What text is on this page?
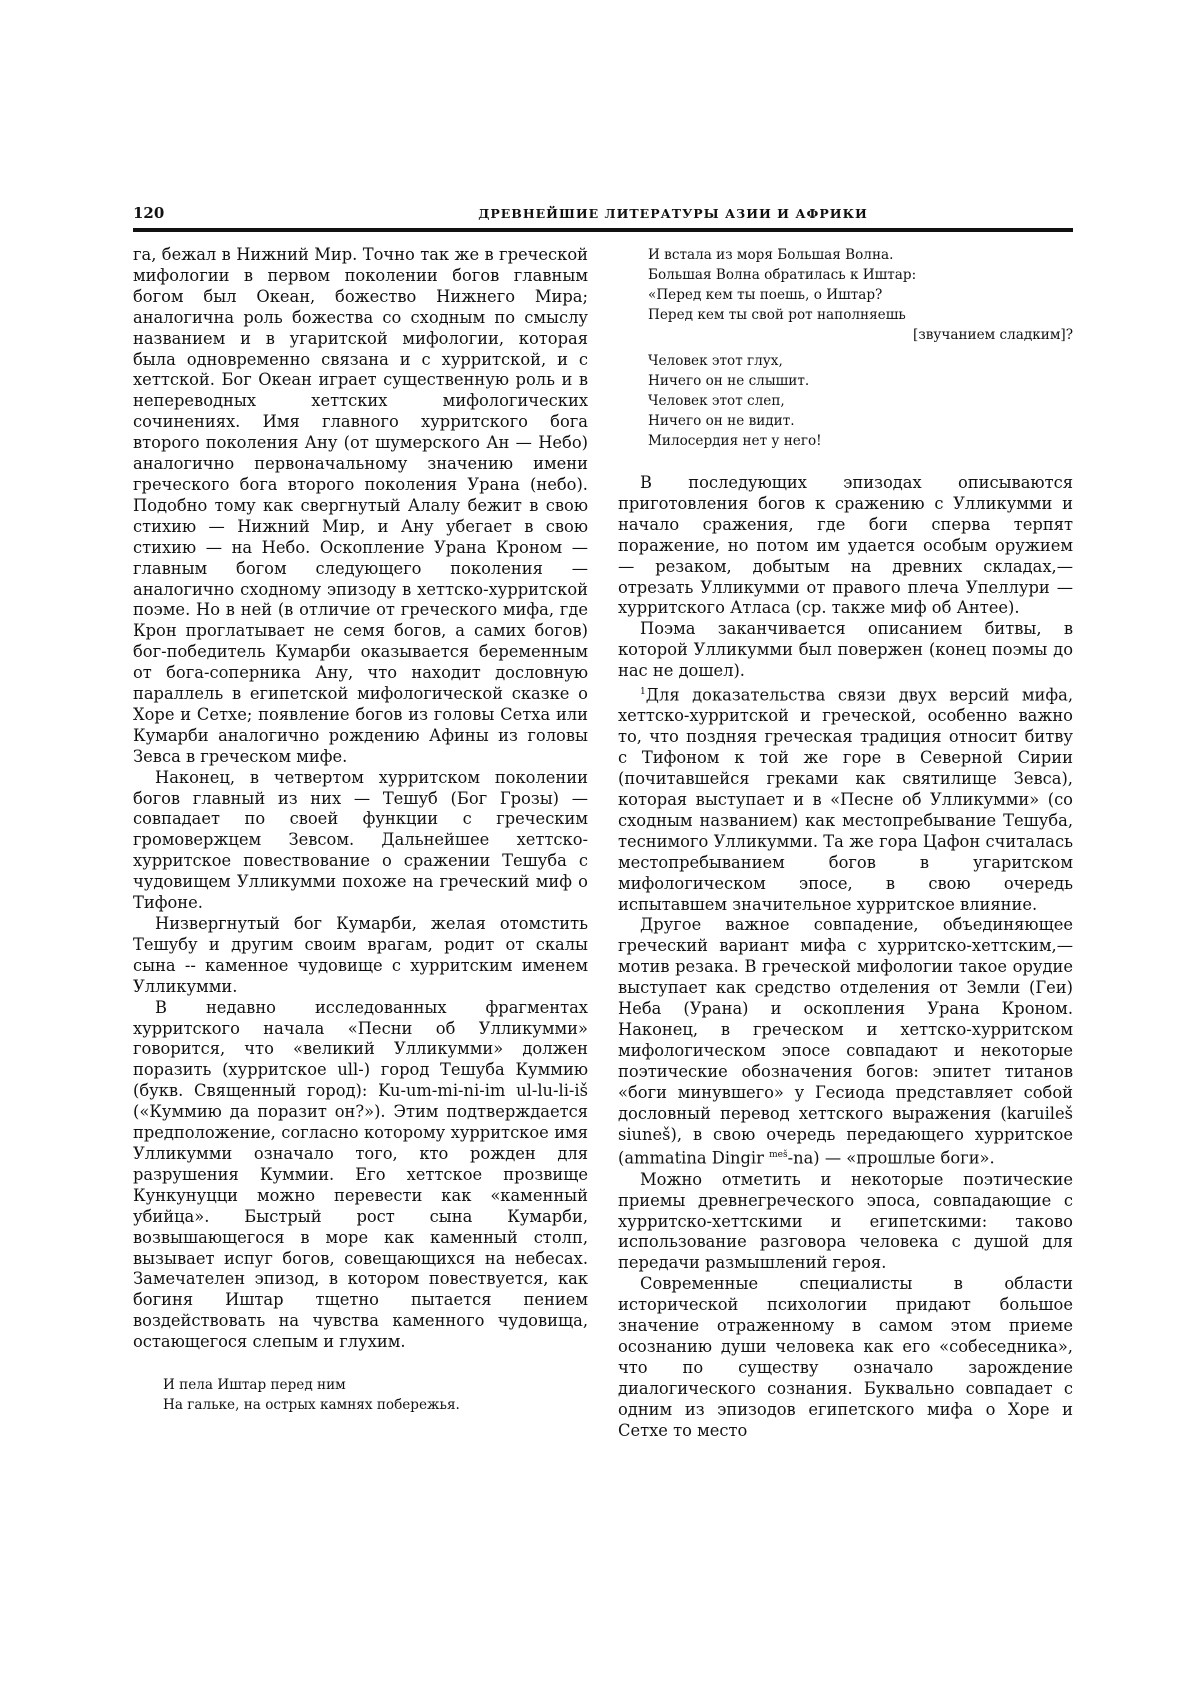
120	ДРЕВНЕЙШИЕ ЛИТЕРАТУРЫ АЗИИ И АФРИКИ

га, бежал в Нижний Мир. Точно так же в греческой мифологии в первом поколении богов главным богом был Океан, божество Нижнего Мира; аналогична роль божества со сходным по смыслу названием и в угаритской мифологии, которая была одновременно связана и с хурритской, и с хеттской. Бог Океан играет существенную роль и в непереводных хеттских мифологических сочинениях. Имя главного хурритского бога второго поколения Ану (от шумерского Ан — Небо) аналогично первоначальному значению имени греческого бога второго поколения Урана (небо). Подобно тому как свергнутый Алалу бежит в свою стихию — Нижний Мир, и Ану убегает в свою стихию — на Небо. Оскопление Урана Кроном — главным богом следующего поколения — аналогично сходному эпизоду в хеттско-хурритской поэме. Но в ней (в отличие от греческого мифа, где Крон проглатывает не семя богов, а самих богов) бог-победитель Кумарби оказывается беременным от бога-соперника Ану, что находит дословную параллель в египетской мифологической сказке о Хоре и Сетхе; появление богов из головы Сетха или Кумарби аналогично рождению Афины из головы Зевса в греческом мифе.

Наконец, в четвертом хурритском поколении богов главный из них — Тешуб (Бог Грозы) — совпадает по своей функции с греческим громовержцем Зевсом. Дальнейшее хеттско-хурритское повествование о сражении Тешуба с чудовищем Улликумми похоже на греческий миф о Тифоне.

Низвергнутый бог Кумарби, желая отомстить Тешубу и другим своим врагам, родит от скалы сына -- каменное чудовище с хурритским именем Улликумми.

В недавно исследованных фрагментах хурритского начала «Песни об Улликумми» говорится, что «великий Улликумми» должен поразить (хурритское ull-) город Тешуба Куммию (букв. Священный город): Ku-um-mi-ni-im ul-lu-li-iš («Куммию да поразит он?»). Этим подтверждается предположение, согласно которому хурритское имя Улликумми означало того, кто рожден для разрушения Куммии. Его хеттское прозвище Кункунуцци можно перевести как «каменный убийца». Быстрый рост сына Кумарби, возвышающегося в море как каменный столп, вызывает испуг богов, совещающихся на небесах. Замечателен эпизод, в котором повествуется, как богиня Иштар тщетно пытается пением воздействовать на чувства каменного чудовища, остающегося слепым и глухим.

И пела Иштар перед ним
На гальке, на острых камнях побережья.
И встала из моря Большая Волна.
Большая Волна обратилась к Иштар:
«Перед кем ты поешь, о Иштар?
Перед кем ты свой рот наполняешь
[звучанием сладким]?
Человек этот глух,
Ничего он не слышит.
Человек этот слеп,
Ничего он не видит.
Милосердия нет у него!

В последующих эпизодах описываются приготовления богов к сражению с Улликумми и начало сражения, где боги сперва терпят поражение, но потом им удается особым оружием — резаком, добытым на древних складах,— отрезать Улликумми от правого плеча Упеллури — хурритского Атласа (ср. также миф об Антее).

Поэма заканчивается описанием битвы, в которой Улликумми был повержен (конец поэмы до нас не дошел).

$^1$Для доказательства связи двух версий мифа, хеттско-хурритской и греческой, особенно важно то, что поздняя греческая традиция относит битву с Тифоном к той же горе в Северной Сирии (почитавшейся греками как святилище Зевса), которая выступает и в «Песне об Улликумми» (со сходным названием) как местопребывание Тешуба, теснимого Улликумми. Та же гора Цафон считалась местопребыванием богов в угаритском мифологическом эпосе, в свою очередь испытавшем значительное хурритское влияние.

Другое важное совпадение, объединяющее греческий вариант мифа с хурритско-хеттским,— мотив резака. В греческой мифологии такое орудие выступает как средство отделения от Земли (Геи) Неба (Урана) и оскопления Урана Кроном. Наконец, в греческом и хеттско-хурритском мифологическом эпосе совпадают и некоторые поэтические обозначения богов: эпитет титанов «боги минувшего» у Гесиода представляет собой дословный перевод хеттского выражения (karuileš siuneš), в свою очередь передающего хурритское (ammatina Dingir $^{meš}$-na) — «прошлые боги».

Можно отметить и некоторые поэтические приемы древнегреческого эпоса, совпадающие с хурритско-хеттскими и египетскими: таково использование разговора человека с душой для передачи размышлений героя.

Современные специалисты в области исторической психологии придают большое значение отраженному в самом этом приеме осознанию души человека как его «собеседника», что по существу означало зарождение диалогического сознания. Буквально совпадает с одним из эпизодов египетского мифа о Хоре и Сетхе то место
